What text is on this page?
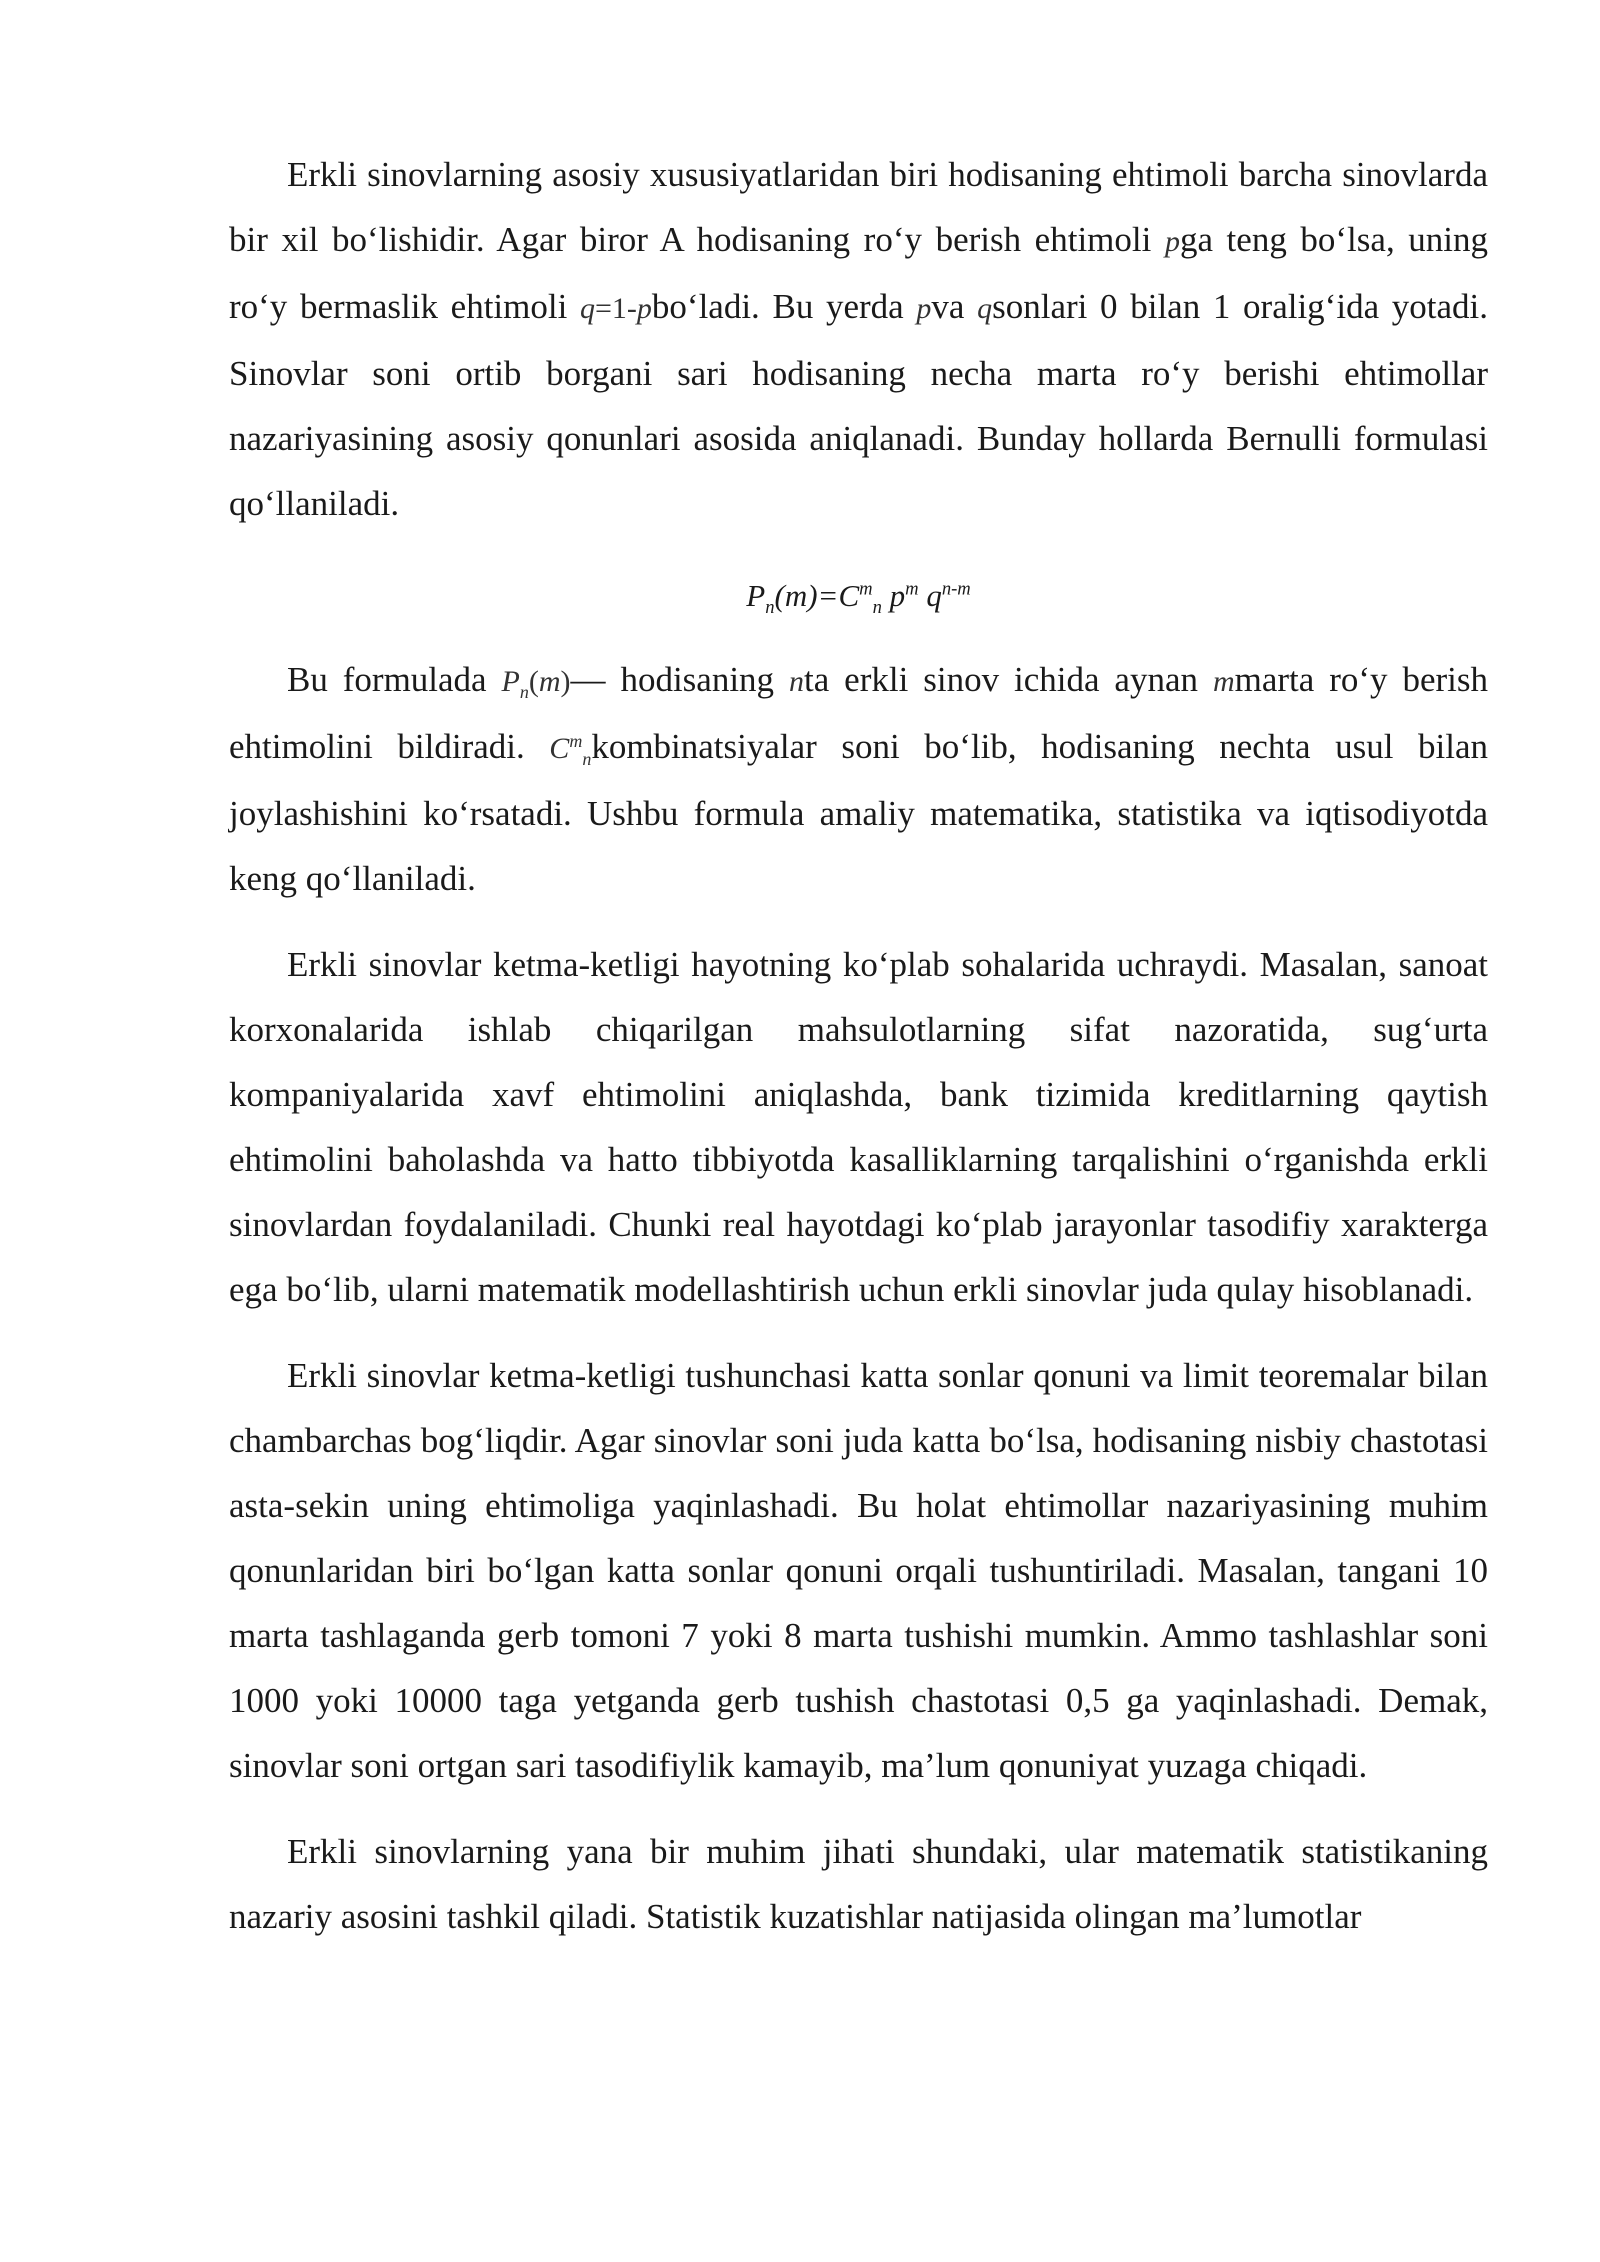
Erkli sinovlarning asosiy xususiyatlaridan biri hodisaning ehtimoli barcha sinovlarda bir xil bo‘lishidir. Agar biror A hodisaning ro‘y berish ehtimoli pga teng bo‘lsa, uning ro‘y bermaslik ehtimoli q=1-pbo‘ladi. Bu yerda pva qsonlari 0 bilan 1 oralig‘ida yotadi. Sinovlar soni ortib borgani sari hodisaning necha marta ro‘y berishi ehtimollar nazariyasining asosiy qonunlari asosida aniqlanadi. Bunday hollarda Bernulli formulasi qo‘llaniladi.

$P_n(m)=C^m_n$ $p^m$ $q^{n-m}$

Bu formulada $P_n(m)—$ hodisaning nta erkli sinov ichida aynan mmarta ro‘y berish ehtimolini bildiradi. $C^m_nkombinatsiyalar$ soni bo‘lib, hodisaning nechta usul bilan joylashishini ko‘rsatadi. Ushbu formula amaliy matematika, statistika va iqtisodiyotda keng qo‘llaniladi.

Erkli sinovlar ketma-ketligi hayotning ko‘plab sohalarida uchraydi. Masalan, sanoat korxonalarida ishlab chiqarilgan mahsulotlarning sifat nazoratida, sug‘urta kompaniyalarida xavf ehtimolini aniqlashda, bank tizimida kreditlarning qaytish ehtimolini baholashda va hatto tibbiyotda kasalliklarning tarqalishini o‘rganishda erkli sinovlardan foydalaniladi. Chunki real hayotdagi ko‘plab jarayonlar tasodifiy xarakterga ega bo‘lib, ularni matematik modellashtirish uchun erkli sinovlar juda qulay hisoblanadi.

Erkli sinovlar ketma-ketligi tushunchasi katta sonlar qonuni va limit teoremalar bilan chambarchas bog‘liqdir. Agar sinovlar soni juda katta bo‘lsa, hodisaning nisbiy chastotasi asta-sekin uning ehtimoliga yaqinlashadi. Bu holat ehtimollar nazariyasining muhim qonunlaridan biri bo‘lgan katta sonlar qonuni orqali tushuntiriladi. Masalan, tangani 10 marta tashlaganda gerb tomoni 7 yoki 8 marta tushishi mumkin. Ammo tashlashlar soni 1000 yoki 10000 taga yetganda gerb tushish chastotasi 0,5 ga yaqinlashadi. Demak, sinovlar soni ortgan sari tasodifiylik kamayib, ma’lum qonuniyat yuzaga chiqadi.

Erkli sinovlarning yana bir muhim jihati shundaki, ular matematik statistikaning nazariy asosini tashkil qiladi. Statistik kuzatishlar natijasida olingan ma’lumotlar
